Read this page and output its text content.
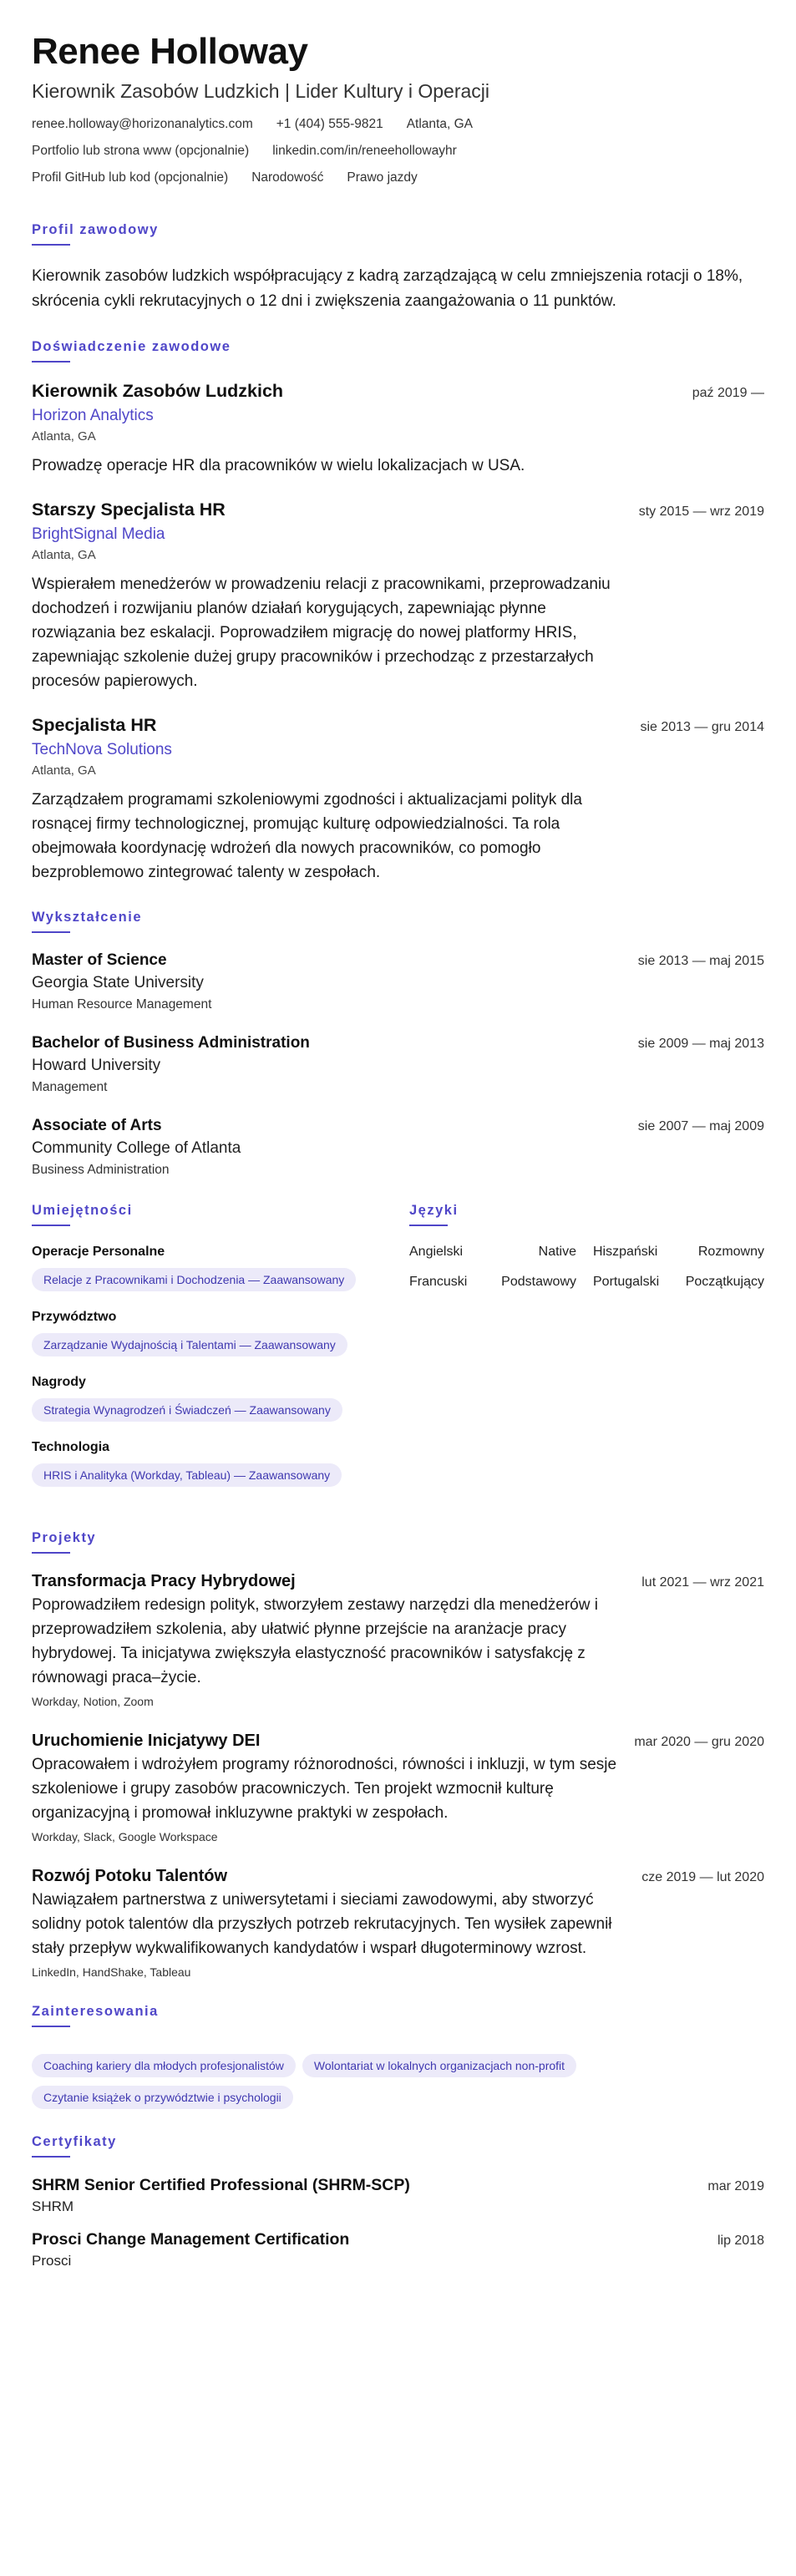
Renee Holloway
Kierownik Zasobów Ludzkich | Lider Kultury i Operacji
renee.holloway@horizonanalytics.com +1 (404) 555-9821 Atlanta, GA
Portfolio lub strona www (opcjonalnie) linkedin.com/in/reneehollowayhr
Profil GitHub lub kod (opcjonalnie) Narodowość Prawo jazdy
Profil zawodowy
Kierownik zasobów ludzkich współpracujący z kadrą zarządzającą w celu zmniejszenia rotacji o 18%, skrócenia cykli rekrutacyjnych o 12 dni i zwiększenia zaangażowania o 11 punktów.
Doświadczenie zawodowe
Kierownik Zasobów Ludzkich	paź 2019 —
Horizon Analytics
Atlanta, GA
Prowadzę operacje HR dla pracowników w wielu lokalizacjach w USA.
Starszy Specjalista HR	sty 2015 — wrz 2019
BrightSignal Media
Atlanta, GA
Wspierałem menedżerów w prowadzeniu relacji z pracownikami, przeprowadzaniu dochodzeń i rozwijaniu planów działań korygujących, zapewniając płynne rozwiązania bez eskalacji. Poprowadziłem migrację do nowej platformy HRIS, zapewniając szkolenie dużej grupy pracowników i przechodząc z przestarzałych procesów papierowych.
Specjalista HR	sie 2013 — gru 2014
TechNova Solutions
Atlanta, GA
Zarządzałem programami szkoleniowymi zgodności i aktualizacjami polityk dla rosnącej firmy technologicznej, promując kulturę odpowiedzialności. Ta rola obejmowała koordynację wdrożeń dla nowych pracowników, co pomogło bezproblemowo zintegrować talenty w zespołach.
Wykształcenie
Master of Science	sie 2013 — maj 2015
Georgia State University
Human Resource Management
Bachelor of Business Administration	sie 2009 — maj 2013
Howard University
Management
Associate of Arts	sie 2007 — maj 2009
Community College of Atlanta
Business Administration
Umiejętności
Operacje Personalne
Relacje z Pracownikami i Dochodzenia — Zaawansowany
Przywództwo
Zarządzanie Wydajnością i Talentami — Zaawansowany
Nagrody
Strategia Wynagrodzeń i Świadczeń — Zaawansowany
Technologia
HRIS i Analityka (Workday, Tableau) — Zaawansowany
Języki
Angielski	Native Hiszpański	Rozmowny
Francuski	Podstawowy Portugalski Początkujący
Projekty
Transformacja Pracy Hybrydowej	lut 2021 — wrz 2021
Poprowadziłem redesign polityk, stworzyłem zestawy narzędzi dla menedżerów i przeprowadziłem szkolenia, aby ułatwić płynne przejście na aranżacje pracy hybrydowej. Ta inicjatywa zwiększyła elastyczność pracowników i satysfakcję z równowagi praca–życie.
Workday, Notion, Zoom
Uruchomienie Inicjatywy DEI	mar 2020 — gru 2020
Opracowałem i wdrożyłem programy różnorodności, równości i inkluzji, w tym sesje szkoleniowe i grupy zasobów pracowniczych. Ten projekt wzmocnił kulturę organizacyjną i promował inkluzywne praktyki w zespołach.
Workday, Slack, Google Workspace
Rozwój Potoku Talentów	cze 2019 — lut 2020
Nawiązałem partnerstwa z uniwersytetami i sieciami zawodowymi, aby stworzyć solidny potok talentów dla przyszłych potrzeb rekrutacyjnych. Ten wysiłek zapewnił stały przepływ wykwalifikowanych kandydatów i wsparł długoterminowy wzrost.
LinkedIn, HandShake, Tableau
Zainteresowania
Coaching kariery dla młodych profesjonalistów	Wolontariat w lokalnych organizacjach non-profit
Czytanie książek o przywództwie i psychologii
Certyfikaty
SHRM Senior Certified Professional (SHRM-SCP)	mar 2019
SHRM
Prosci Change Management Certification	lip 2018
Prosci
